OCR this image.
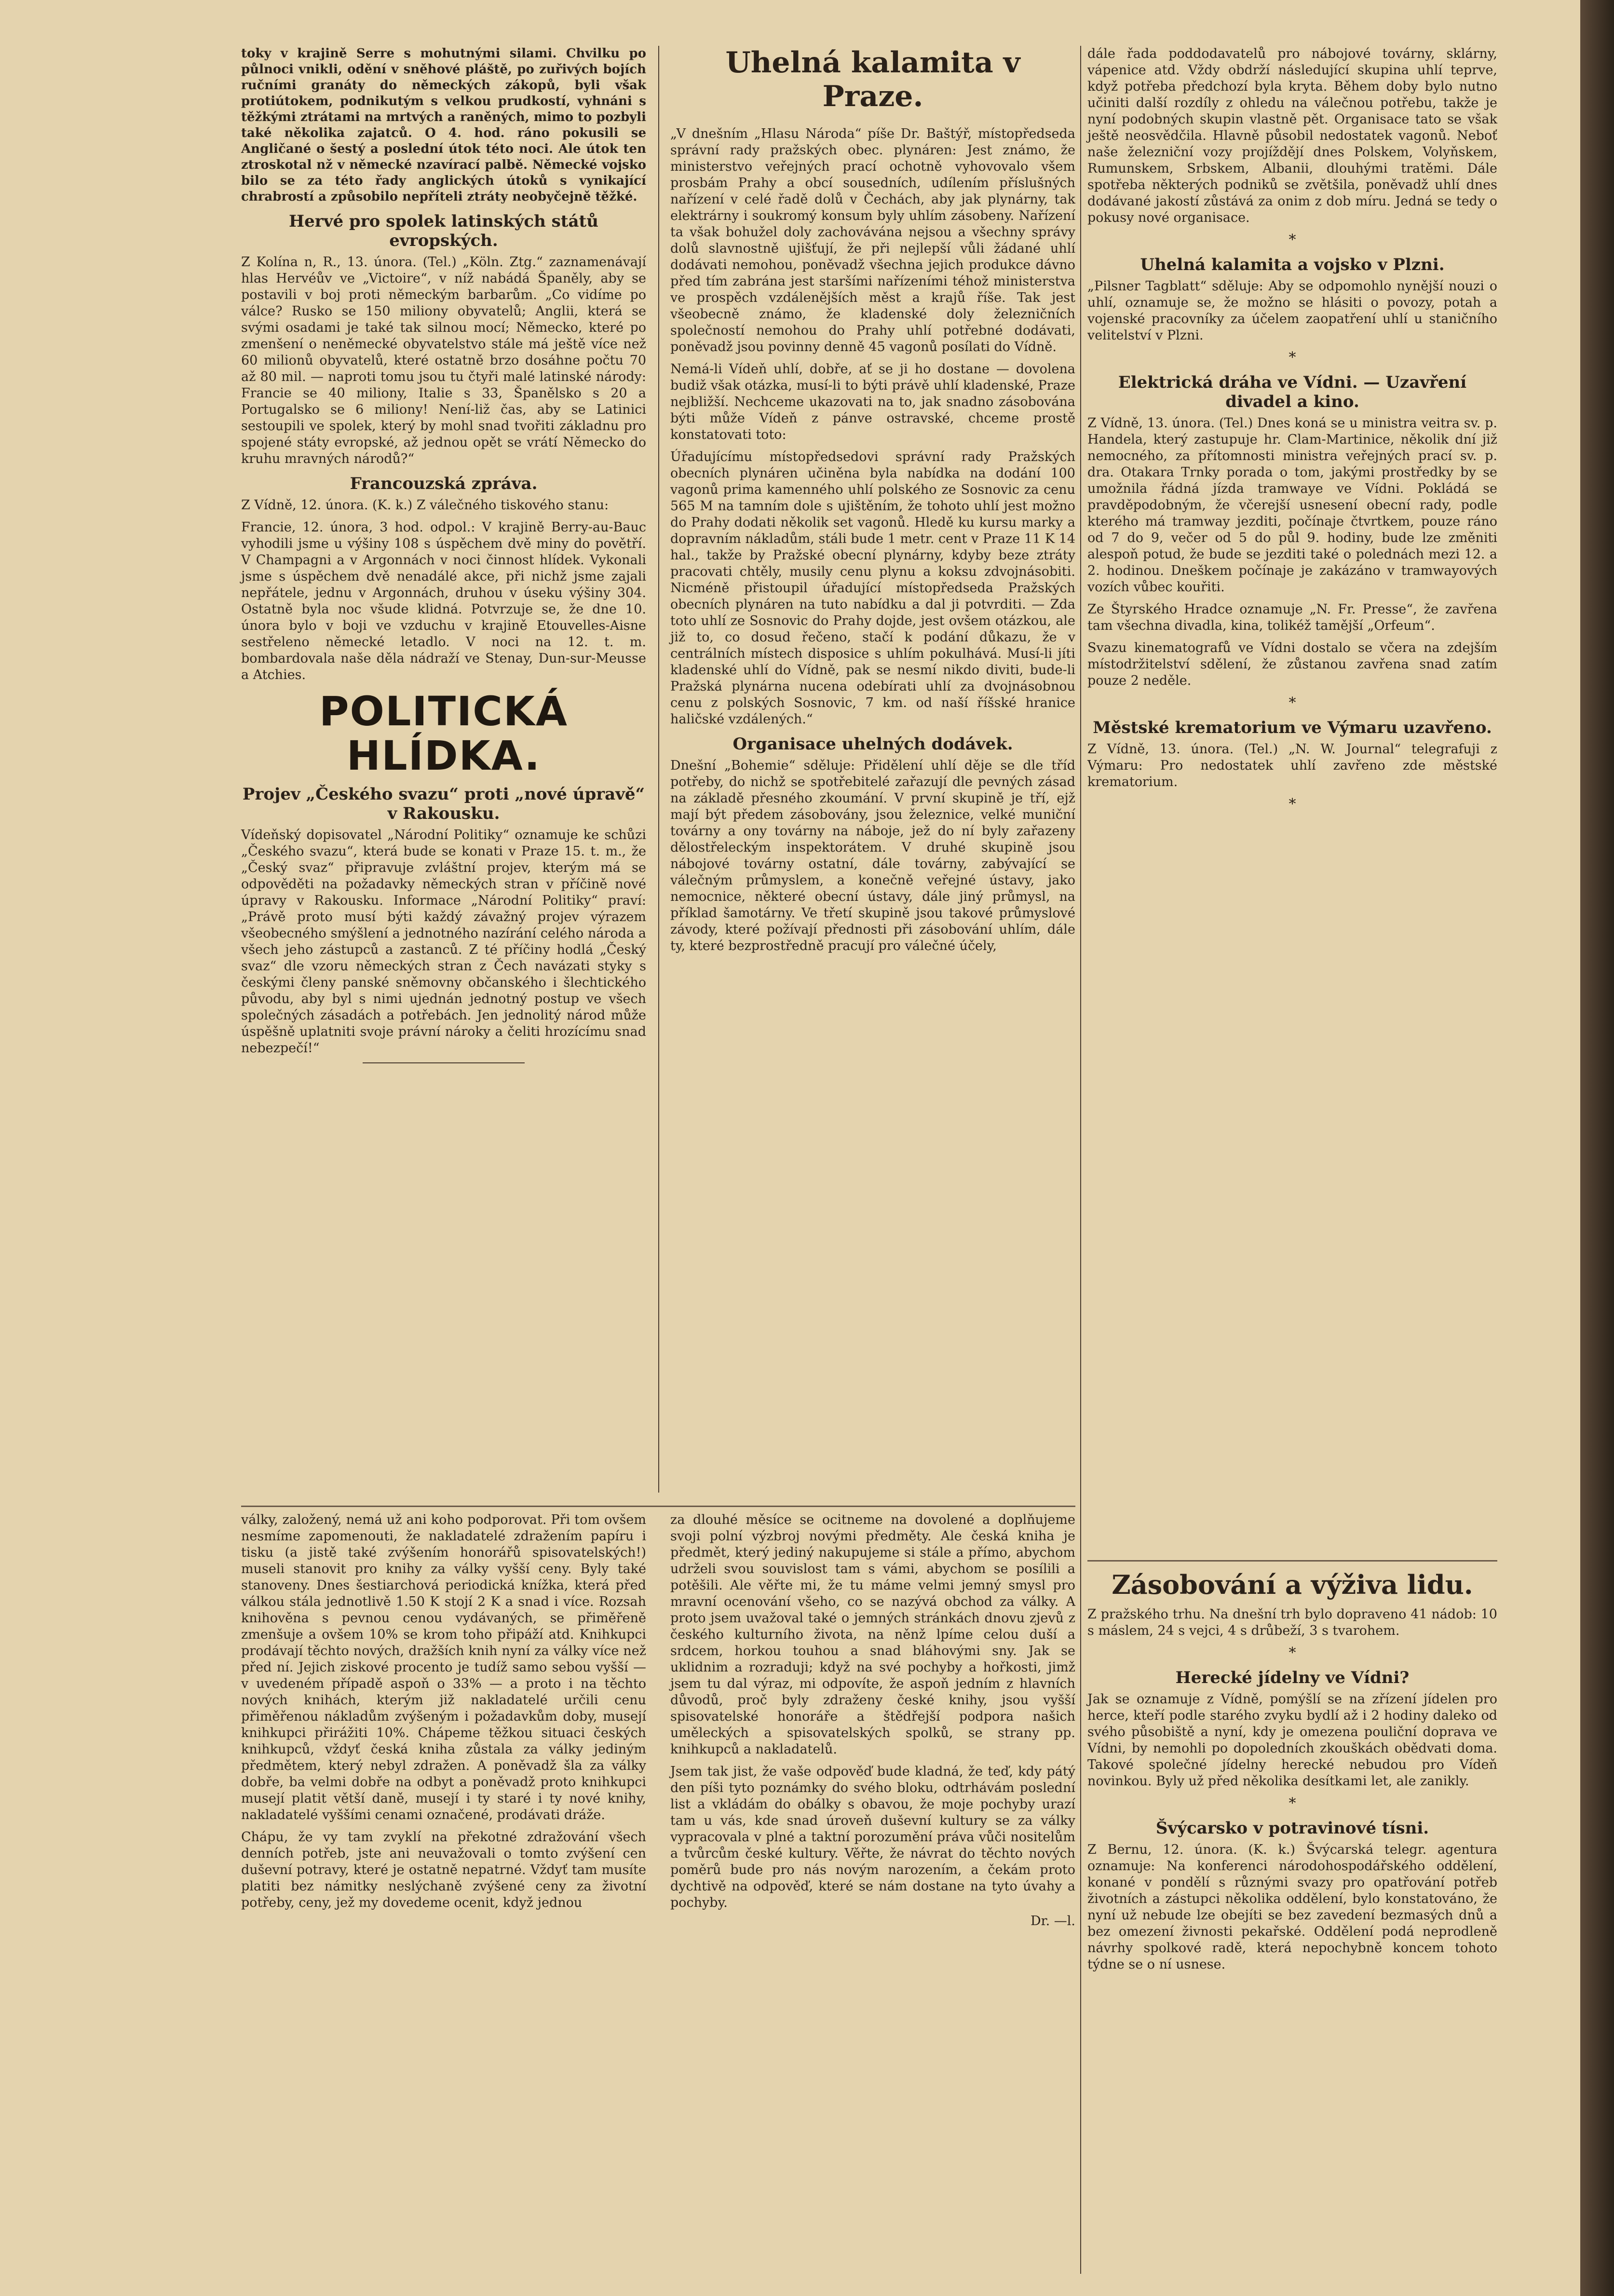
toky v krajině Serre s mohutnými silami. Chvilku po půlnoci vnikli, odění v sněhové pláště, po zuřivých bojích ručními granáty do německých zákopů, byli však protiútokem, podnikutým s velkou prudkostí, vyhnáni s těžkými ztrátami na mrtvých a raněných, mimo to pozbyli také několika zajatců. O 4. hod. ráno pokusili se Angličané o šestý a poslední útok této noci. Ale útok ten ztroskotal nž v německé nzavírací palbě. Německé vojsko bilo se za této řady anglických útoků s vynikající chrabrostí a způsobilo nepříteli ztráty neobyčejně těžké.

Hervé pro spolek latinských států evropských.

Z Kolína n, R., 13. února. (Tel.) „Köln. Ztg.“ zaznamenávají hlas Hervéův ve „Victoire“, v níž nabádá Španěly, aby se postavili v boj proti německým barbarům. „Co vidíme po válce? Rusko se 150 miliony obyvatelů; Anglii, která se svými osadami je také tak silnou mocí; Německo, které po zmenšení o neněmecké obyvatelstvo stále má ještě více než 60 milionů obyvatelů, které ostatně brzo dosáhne počtu 70 až 80 mil. — naproti tomu jsou tu čtyři malé latinské národy: Francie se 40 miliony, Italie s 33, Španělsko s 20 a Portugalsko se 6 miliony! Není-liž čas, aby se Latinici sestoupili ve spolek, který by mohl snad tvořiti základnu pro spojené státy evropské, až jednou opět se vrátí Německo do kruhu mravných národů?“

Francouzská zpráva.

Z Vídně, 12. února. (K. k.) Z válečného tiskového stanu:

Francie, 12. února, 3 hod. odpol.: V krajině Berry-au-Bauc vyhodili jsme u výšiny 108 s úspěchem dvě miny do povětří. V Champagni a v Argonnách v noci činnost hlídek. Vykonali jsme s úspěchem dvě nenadálé akce, při nichž jsme zajali nepřátele, jednu v Argonnách, druhou v úseku výšiny 304. Ostatně byla noc všude klidná. Potvrzuje se, že dne 10. února bylo v boji ve vzduchu v krajině Etouvelles-Aisne sestřeleno německé letadlo. V noci na 12. t. m. bombardovala naše děla nádraží ve Stenay, Dun-sur-Meusse a Atchies.

POLITICKÁ HLÍDKA.
Projev „Českého svazu“ proti „nové úpravě“ v Rakousku.

Vídeňský dopisovatel „Národní Politiky“ oznamuje ke schůzi „Českého svazu“, která bude se konati v Praze 15. t. m., že „Český svaz“ připravuje zvláštní projev, kterým má se odpověděti na požadavky německých stran v příčině nové úpravy v Rakousku. Informace „Národní Politiky“ praví: „Právě proto musí býti každý závažný projev výrazem všeobecného smýšlení a jednotného nazírání celého národa a všech jeho zástupců a zastanců. Z té příčiny hodlá „Český svaz“ dle vzoru německých stran z Čech navázati styky s českými členy panské sněmovny občanského i šlechtického původu, aby byl s nimi ujednán jednotný postup ve všech společných zásadách a potřebách. Jen jednolitý národ může úspěšně uplatniti svoje právní nároky a čeliti hrozícímu snad nebezpečí!“

Uhelná kalamita v Praze.

„V dnešním „Hlasu Národa“ píše Dr. Baštýř, místopředseda správní rady pražských obec. plynáren: Jest známo, že ministerstvo veřejných prací ochotně vyhovovalo všem prosbám Prahy a obcí sousedních, udílením příslušných nařízení v celé řadě dolů v Čechách, aby jak plynárny, tak elektrárny i soukromý konsum byly uhlím zásobeny. Nařízení ta však bohužel doly zachovávána nejsou a všechny správy dolů slavnostně ujišťují, že při nejlepší vůli žádané uhlí dodávati nemohou, poněvadž všechna jejich produkce dávno před tím zabrána jest staršími nařízeními téhož ministerstva ve prospěch vzdálenějších měst a krajů říše. Tak jest všeobecně známo, že kladenské doly železničních společností nemohou do Prahy uhlí potřebné dodávati, poněvadž jsou povinny denně 45 vagonů posílati do Vídně.

Nemá-li Vídeň uhlí, dobře, ať se ji ho dostane — dovolena budiž však otázka, musí-li to býti právě uhlí kladenské, Praze nejbližší. Nechceme ukazovati na to, jak snadno zásobována býti může Vídeň z pánve ostravské, chceme prostě konstatovati toto:

Úřadujícímu místopředsedovi správní rady Pražských obecních plynáren učiněna byla nabídka na dodání 100 vagonů prima kamenného uhlí polského ze Sosnovic za cenu 565 M na tamním dole s ujištěním, že tohoto uhlí jest možno do Prahy dodati několik set vagonů. Hledě ku kursu marky a dopravním nákladům, stáli bude 1 metr. cent v Praze 11 K 14 hal., takže by Pražské obecní plynárny, kdyby beze ztráty pracovati chtěly, musily cenu plynu a koksu zdvojnásobiti. Nicméně přistoupil úřadující místopředseda Pražských obecních plynáren na tuto nabídku a dal ji potvrditi. — Zda toto uhlí ze Sosnovic do Prahy dojde, jest ovšem otázkou, ale již to, co dosud řečeno, stačí k podání důkazu, že v centrálních místech disposice s uhlím pokulhává. Musí-li jíti kladenské uhlí do Vídně, pak se nesmí nikdo diviti, bude-li Pražská plynárna nucena odebírati uhlí za dvojnásobnou cenu z polských Sosnovic, 7 km. od naší říšské hranice haličské vzdálených.“

Organisace uhelných dodávek.

Dnešní „Bohemie“ sděluje: Přidělení uhlí děje se dle tříd potřeby, do nichž se spotřebitelé zařazují dle pevných zásad na základě přesného zkoumání. V první skupině je tří, ejž mají být předem zásobovány, jsou železnice, velké muniční továrny a ony továrny na náboje, jež do ní byly zařazeny dělostřeleckým inspektorátem. V druhé skupině jsou nábojové továrny ostatní, dále továrny, zabývající se válečným průmyslem, a konečně veřejné ústavy, jako nemocnice, některé obecní ústavy, dále jiný průmysl, na příklad šamotárny. Ve třetí skupině jsou takové průmyslové závody, které požívají přednosti při zásobování uhlím, dále ty, které bezprostředně pracují pro válečné účely,

dále řada poddodavatelů pro nábojové továrny, sklárny, vápenice atd. Vždy obdrží následující skupina uhlí teprve, když potřeba předchozí byla kryta. Během doby bylo nutno učiniti další rozdíly z ohledu na válečnou potřebu, takže je nyní podobných skupin vlastně pět. Organisace tato se však ještě neosvědčila. Hlavně působil nedostatek vagonů. Neboť naše železniční vozy projíždějí dnes Polskem, Volyňskem, Rumunskem, Srbskem, Albanii, dlouhými tratěmi. Dále spotřeba některých podniků se zvětšila, poněvadž uhlí dnes dodávané jakostí zůstává za onim z dob míru. Jedná se tedy o pokusy nové organisace.

*
Uhelná kalamita a vojsko v Plzni.

„Pilsner Tagblatt“ sděluje: Aby se odpomohlo nynější nouzi o uhlí, oznamuje se, že možno se hlásiti o povozy, potah a vojenské pracovníky za účelem zaopatření uhlí u staničního velitelství v Plzni.

*
Elektrická dráha ve Vídni. — Uzavření divadel a kino.

Z Vídně, 13. února. (Tel.) Dnes koná se u ministra veitra sv. p. Handela, který zastupuje hr. Clam-Martinice, několik dní již nemocného, za přítomnosti ministra veřejných prací sv. p. dra. Otakara Trnky porada o tom, jakými prostředky by se umožnila řádná jízda tramwaye ve Vídni. Pokládá se pravděpodobným, že včerejší usnesení obecní rady, podle kterého má tramway jezditi, počínaje čtvrtkem, pouze ráno od 7 do 9, večer od 5 do půl 9. hodiny, bude lze změniti alespoň potud, že bude se jezditi také o polednách mezi 12. a 2. hodinou. Dneškem počínaje je zakázáno v tramwayových vozích vůbec kouřiti.

Ze Štyrského Hradce oznamuje „N. Fr. Presse“, že zavřena tam všechna divadla, kina, tolikéž tamější „Orfeum“.

Svazu kinematografů ve Vídni dostalo se včera na zdejším místodržitelství sdělení, že zůstanou zavřena snad zatím pouze 2 neděle.

*
Městské krematorium ve Výmaru uzavřeno.

Z Vídně, 13. února. (Tel.) „N. W. Journal“ telegrafuji z Výmaru: Pro nedostatek uhlí zavřeno zde městské krematorium.

*

války, založený, nemá už ani koho podporovat. Při tom ovšem nesmíme zapomenouti, že nakladatelé zdražením papíru i tisku (a jistě také zvýšením honorářů spisovatelských!) museli stanovit pro knihy za války vyšší ceny. Byly také stanoveny. Dnes šestiarchová periodická knížka, která před válkou stála jednotlivě 1.50 K stojí 2 K a snad i více. Rozsah knihověna s pevnou cenou vydávaných, se přiměřeně zmenšuje a ovšem 10% se krom toho připáží atd. Knihkupci prodávají těchto nových, dražších knih nyní za války více než před ní. Jejich ziskové procento je tudíž samo sebou vyšší — v uvedeném případě aspoň o 33% — a proto i na těchto nových knihách, kterým již nakladatelé určili cenu přiměřenou nákladům zvýšeným i požadavkům doby, musejí knihkupci přirážiti 10%. Chápeme těžkou situaci českých knihkupců, vždyť česká kniha zůstala za války jediným předmětem, který nebyl zdražen. A poněvadž šla za války dobře, ba velmi dobře na odbyt a poněvadž proto knihkupci musejí platit větší daně, musejí i ty staré i ty nové knihy, nakladatelé vyššími cenami označené, prodávati dráže.

Chápu, že vy tam zvyklí na překotné zdražování všech denních potřeb, jste ani neuvažovali o tomto zvýšení cen duševní potravy, které je ostatně nepatrné. Vždyť tam musíte platiti bez námitky neslýchaně zvýšené ceny za životní potřeby, ceny, jež my dovedeme ocenit, když jednou

za dlouhé měsíce se ocitneme na dovolené a doplňujeme svoji polní výzbroj novými předměty. Ale česká kniha je předmět, který jediný nakupujeme si stále a přímo, abychom udrželi svou souvislost tam s vámi, abychom se posílili a potěšili. Ale věřte mi, že tu máme velmi jemný smysl pro mravní ocenování všeho, co se nazývá obchod za války. A proto jsem uvažoval také o jemných stránkách dnovu zjevů z českého kulturního života, na něnž lpíme celou duší a srdcem, horkou touhou a snad bláhovými sny. Jak se uklidnim a rozraduji; když na své pochyby a hořkosti, jimž jsem tu dal výraz, mi odpovíte, že aspoň jedním z hlavních důvodů, proč byly zdraženy české knihy, jsou vyšší spisovatelské honoráře a štědřejší podpora našich uměleckých a spisovatelských spolků, se strany pp. knihkupců a nakladatelů.

Jsem tak jist, že vaše odpověď bude kladná, že teď, kdy pátý den píši tyto poznámky do svého bloku, odtrhávám poslední list a vkládám do obálky s obavou, že moje pochyby urazí tam u vás, kde snad úroveň duševní kultury se za války vypracovala v plné a taktní porozumění práva vůči nositelům a tvůrcům české kultury. Věřte, že návrat do těchto nových poměrů bude pro nás novým narozením, a čekám proto dychtivě na odpověď, které se nám dostane na tyto úvahy a pochyby.

Dr. —l.

Zásobování a výživa lidu.

Z pražského trhu. Na dnešní trh bylo dopraveno 41 nádob: 10 s máslem, 24 s vejci, 4 s drůbeží, 3 s tvarohem.

*
Herecké jídelny ve Vídni?

Jak se oznamuje z Vídně, pomýšlí se na zřízení jídelen pro herce, kteří podle starého zvyku bydlí až i 2 hodiny daleko od svého působiště a nyní, kdy je omezena pouliční doprava ve Vídni, by nemohli po dopoledních zkouškách obědvati doma. Takové společné jídelny herecké nebudou pro Vídeň novinkou. Byly už před několika desítkami let, ale zanikly.

*
Švýcarsko v potravinové tísni.

Z Bernu, 12. února. (K. k.) Švýcarská telegr. agentura oznamuje: Na konferenci národohospodářského oddělení, konané v pondělí s různými svazy pro opatřování potřeb životních a zástupci několika oddělení, bylo konstatováno, že nyní už nebude lze obejíti se bez zavedení bezmasých dnů a bez omezení živnosti pekařské. Oddělení podá neprodleně návrhy spolkové radě, která nepochybně koncem tohoto týdne se o ní usnese.
